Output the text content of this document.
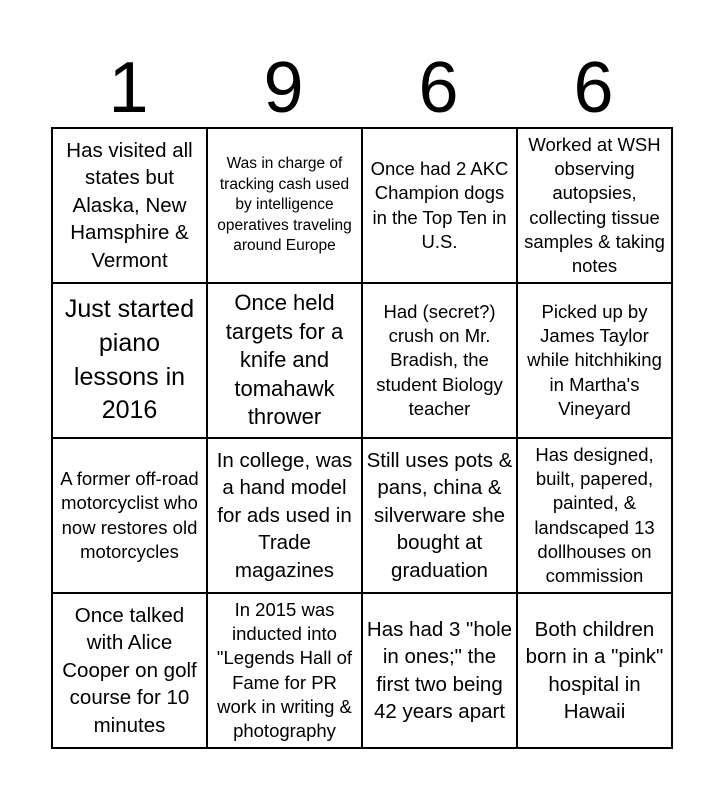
1	9	6	6
Has visited all states but Alaska, New Hamsphire & Vermont	Was in charge of tracking cash used by intelligence operatives traveling around Europe	Once had 2 AKC Champion dogs in the Top Ten in U.S.	Worked at WSH observing autopsies, collecting tissue samples & taking notes

Just started piano lessons in 2016	Once held targets for a knife and tomahawk thrower	Had (secret?) crush on Mr. Bradish, the student Biology teacher	Picked up by James Taylor while hitchhiking in Martha's Vineyard

A former off-road motorcyclist who now restores old motorcycles	In college, was a hand model for ads used in Trade magazines	Still uses pots & pans, china & silverware she bought at graduation	Has designed, built, papered, painted, & landscaped 13 dollhouses on commission

Once talked with Alice Cooper on golf course for 10 minutes	In 2015 was inducted into "Legends Hall of Fame for PR work in writing & photography	Has had 3 "hole in ones;" the first two being 42 years apart	Both children born in a "pink" hospital in Hawaii
